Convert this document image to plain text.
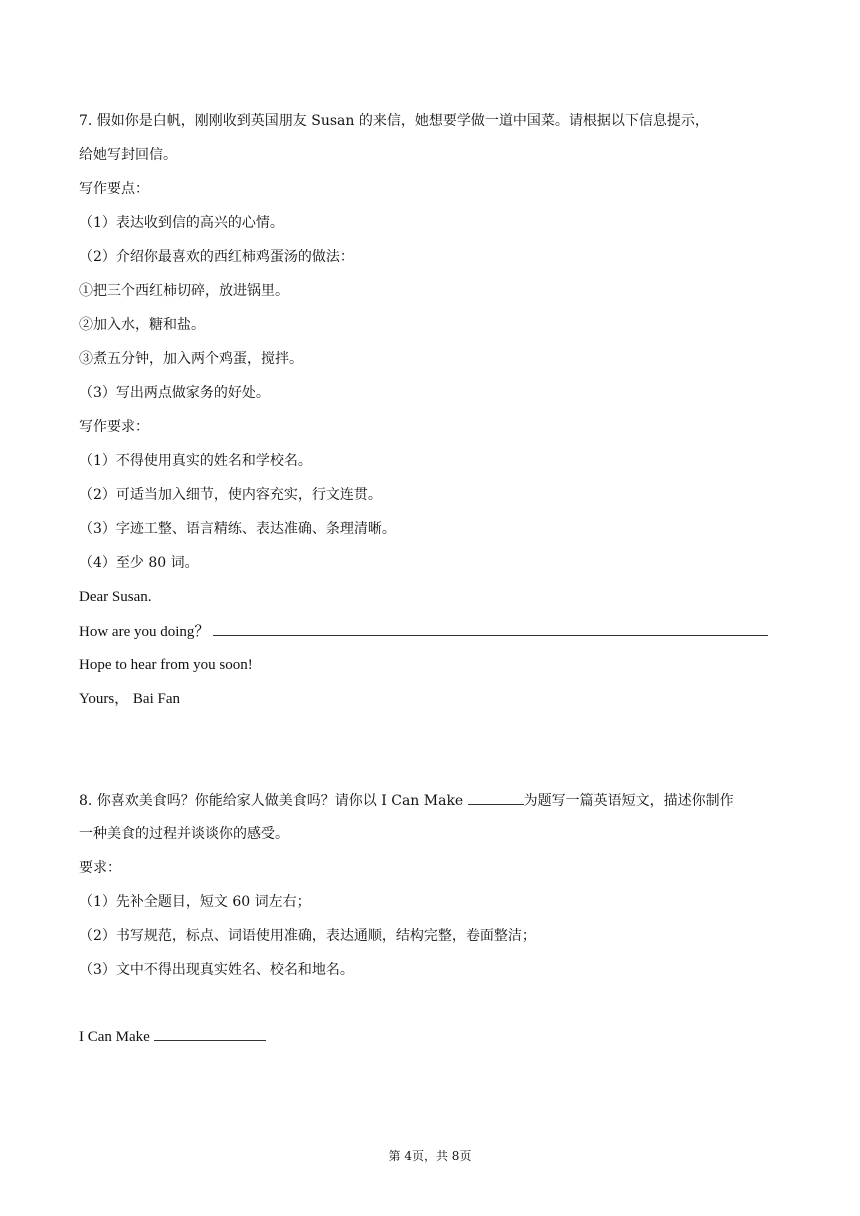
7. 假如你是白帆，刚刚收到英国朋友 Susan 的来信，她想要学做一道中国菜。请根据以下信息提示，
给她写封回信。
写作要点：
（1）表达收到信的高兴的心情。
（2）介绍你最喜欢的西红柿鸡蛋汤的做法：
①把三个西红柿切碎，放进锅里。
②加入水，糖和盐。
③煮五分钟，加入两个鸡蛋，搅拌。
（3）写出两点做家务的好处。
写作要求：
（1）不得使用真实的姓名和学校名。
（2）可适当加入细节，使内容充实，行文连贯。
（3）字迹工整、语言精练、表达准确、条理清晰。
（4）至少 80 词。
Dear Susan.
How are you doing？
Hope to hear from you soon!
Yours， Bai Fan
8. 你喜欢美食吗？你能给家人做美食吗？请你以 I Can Make	为题写一篇英语短文，描述你制作
一种美食的过程并谈谈你的感受。
要求：
（1）先补全题目，短文 60 词左右；
（2）书写规范，标点、词语使用准确，表达通顺，结构完整，卷面整洁；
（3）文中不得出现真实姓名、校名和地名。
I Can Make
第 4页，共 8页
